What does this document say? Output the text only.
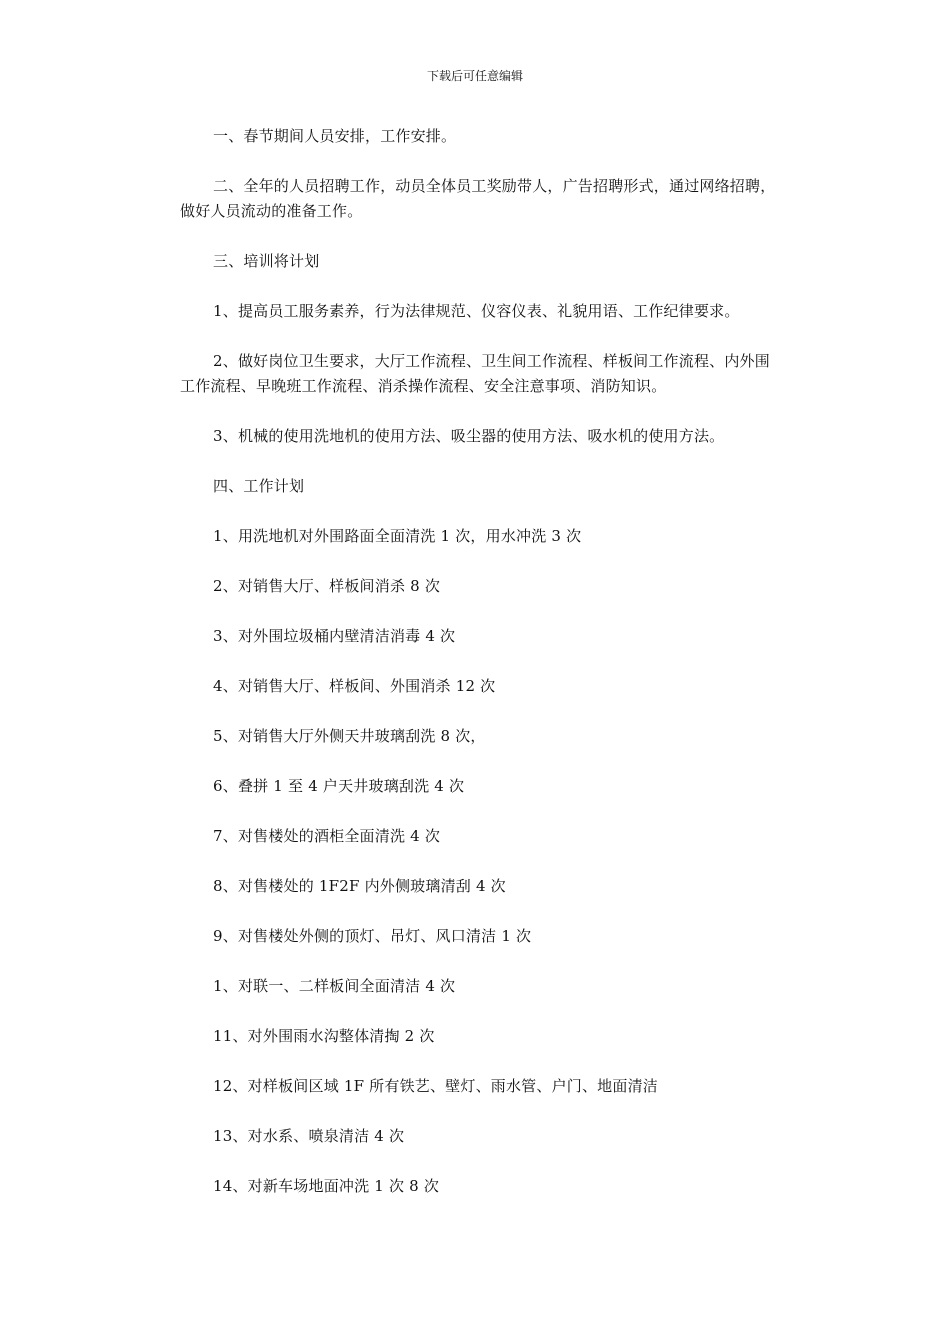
下载后可任意编辑

一、春节期间人员安排，工作安排。

二、全年的人员招聘工作，动员全体员工奖励带人，广告招聘形式，通过网络招聘，做好人员流动的准备工作。

三、培训将计划

1、提高员工服务素养，行为法律规范、仪容仪表、礼貌用语、工作纪律要求。

2、做好岗位卫生要求，大厅工作流程、卫生间工作流程、样板间工作流程、内外围工作流程、早晚班工作流程、消杀操作流程、安全注意事项、消防知识。

3、机械的使用洗地机的使用方法、吸尘器的使用方法、吸水机的使用方法。

四、工作计划

1、用洗地机对外围路面全面清洗 1 次，用水冲洗 3 次

2、对销售大厅、样板间消杀 8 次

3、对外围垃圾桶内壁清洁消毒 4 次

4、对销售大厅、样板间、外围消杀 12 次

5、对销售大厅外侧天井玻璃刮洗 8 次，

6、叠拼 1 至 4 户天井玻璃刮洗 4 次

7、对售楼处的酒柜全面清洗 4 次

8、对售楼处的 1F2F 内外侧玻璃清刮 4 次

9、对售楼处外侧的顶灯、吊灯、风口清洁 1 次

1、对联一、二样板间全面清洁 4 次

11、对外围雨水沟整体清掏 2 次

12、对样板间区域 1F 所有铁艺、壁灯、雨水管、户门、地面清洁

13、对水系、喷泉清洁 4 次

14、对新车场地面冲洗 1 次 8 次
